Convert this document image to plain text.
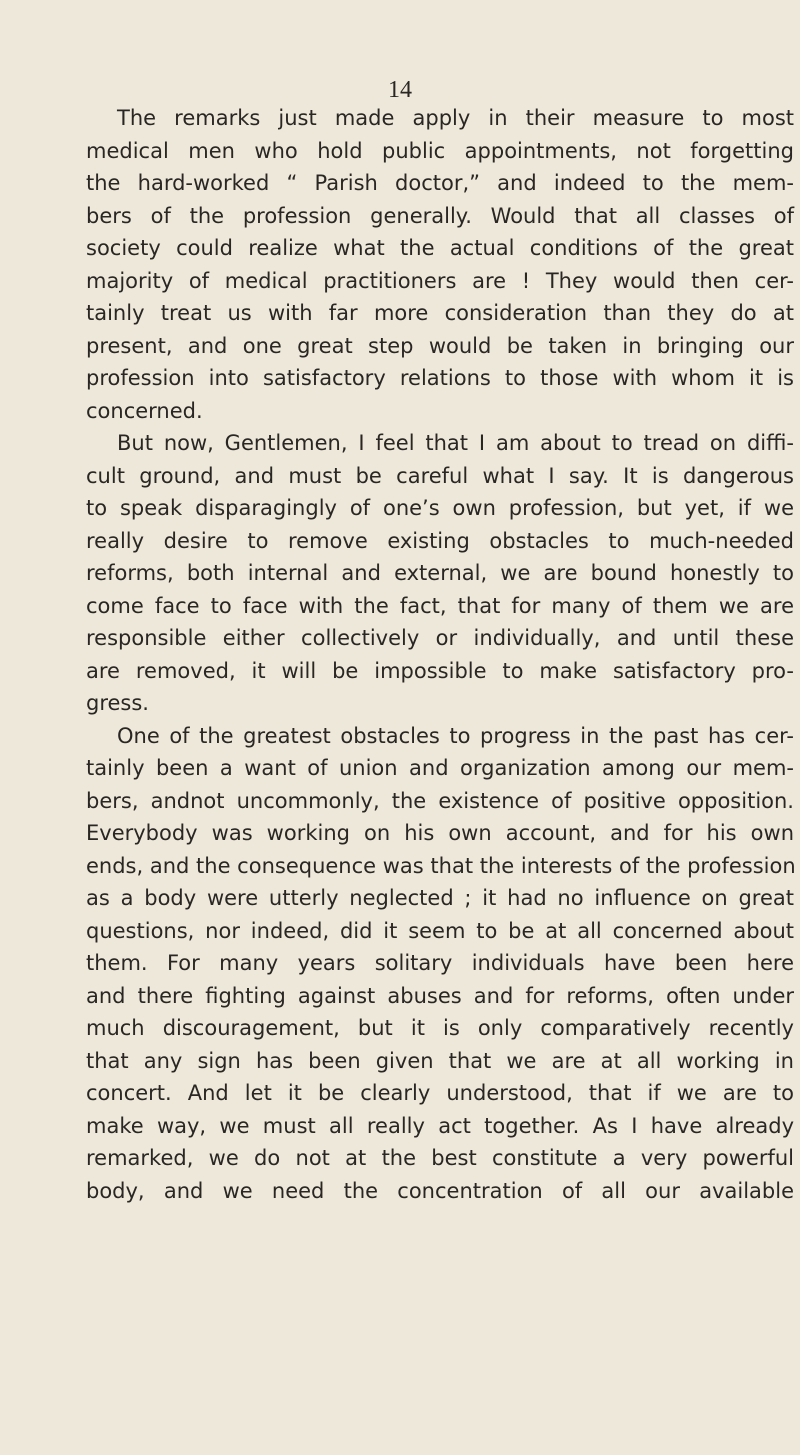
14
The remarks just made apply in their measure to most
medical men who hold public appointments, not forgetting
the hard-worked “ Parish doctor,” and indeed to the mem-
bers of the profession generally. Would that all classes of
society could realize what the actual conditions of the great
majority of medical practitioners are ! They would then cer-
tainly treat us with far more consideration than they do at
present, and one great step would be taken in bringing our
profession into satisfactory relations to those with whom it is
concerned.
But now, Gentlemen, I feel that I am about to tread on diffi-
cult ground, and must be careful what I say. It is dangerous
to speak disparagingly of one’s own profession, but yet, if we
really desire to remove existing obstacles to much-needed
reforms, both internal and external, we are bound honestly to
come face to face with the fact, that for many of them we are
responsible either collectively or individually, and until these
are removed, it will be impossible to make satisfactory pro-
gress.
One of the greatest obstacles to progress in the past has cer-
tainly been a want of union and organization among our mem-
bers, andnot uncommonly, the existence of positive opposition.
Everybody was working on his own account, and for his own
ends, and the consequence was that the interests of the profession
as a body were utterly neglected ; it had no influence on great
questions, nor indeed, did it seem to be at all concerned about
them. For many years solitary individuals have been here
and there fighting against abuses and for reforms, often under
much discouragement, but it is only comparatively recently
that any sign has been given that we are at all working in
concert. And let it be clearly understood, that if we are to
make way, we must all really act together. As I have already
remarked, we do not at the best constitute a very powerful
body, and we need the concentration of all our available
